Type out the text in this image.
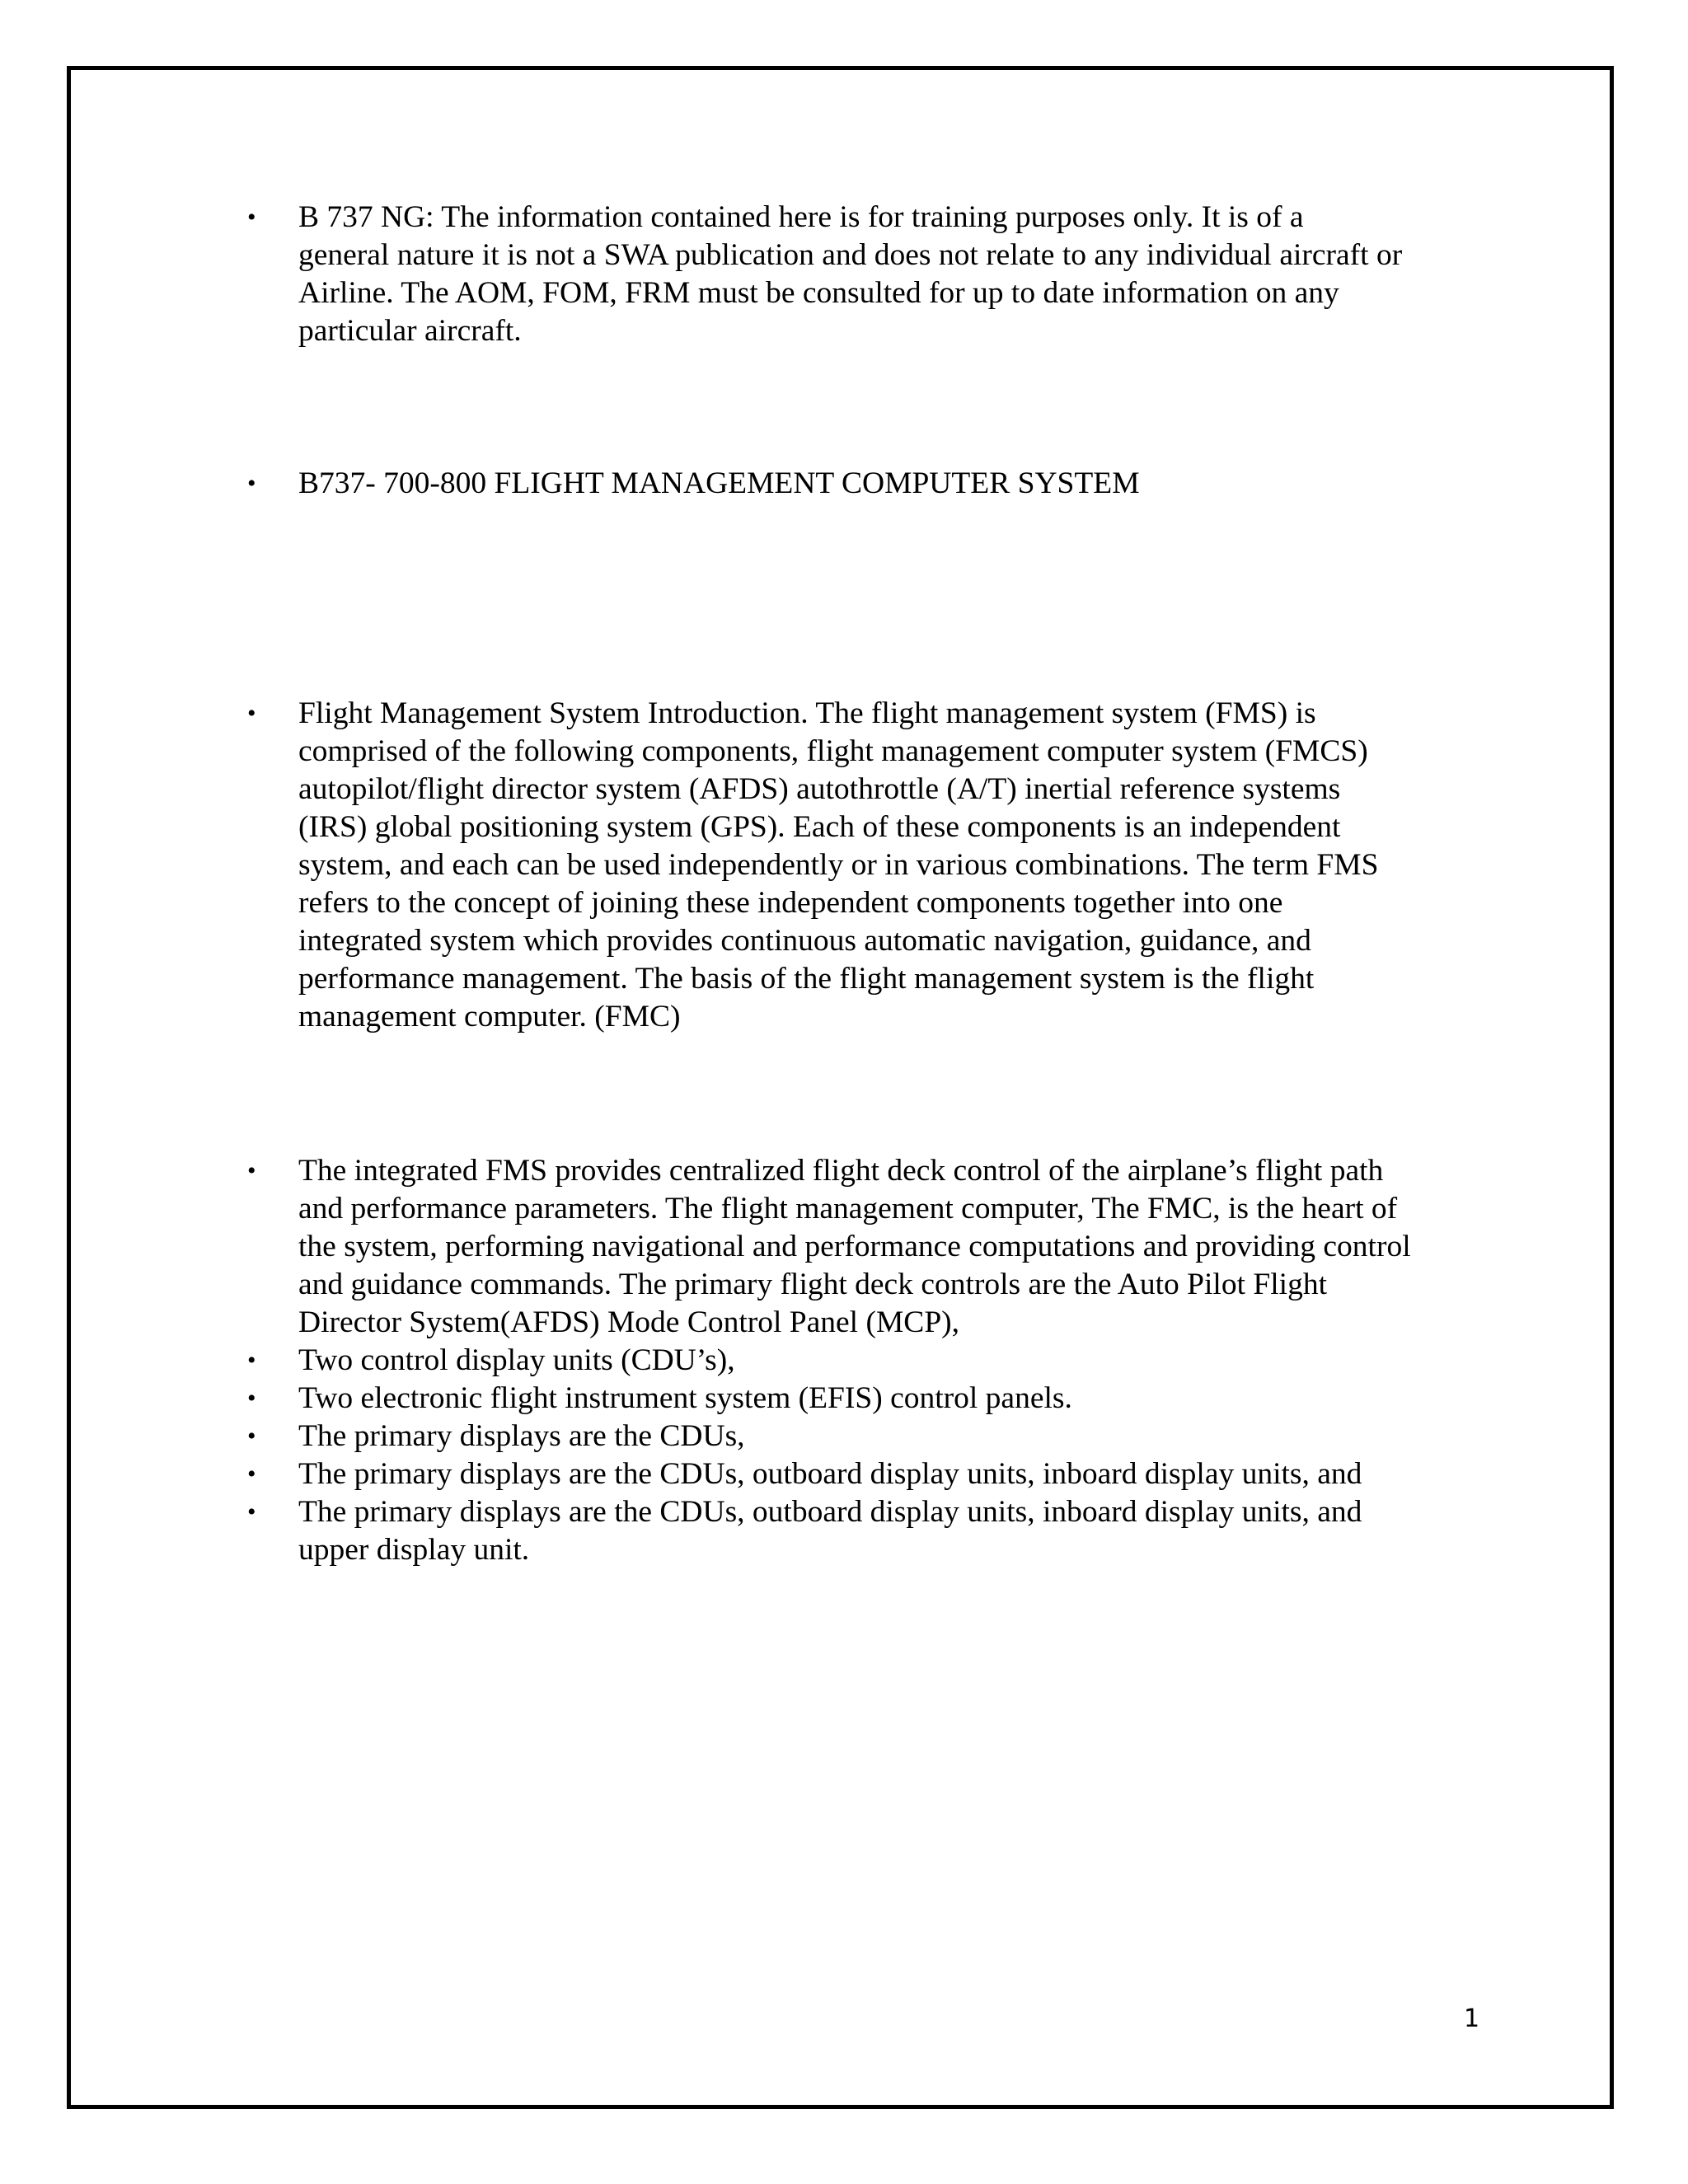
• B 737 NG: The information contained here is for training purposes only. It is of a
general nature it is not a SWA publication and does not relate to any individual aircraft or
Airline. The AOM, FOM, FRM must be consulted for up to date information on any
particular aircraft.
• B737- 700-800 FLIGHT MANAGEMENT COMPUTER SYSTEM
• Flight Management System Introduction. The flight management system (FMS) is
comprised of the following components, flight management computer system (FMCS)
autopilot/flight director system (AFDS) autothrottle (A/T) inertial reference systems
(IRS) global positioning system (GPS). Each of these components is an independent
system, and each can be used independently or in various combinations. The term FMS
refers to the concept of joining these independent components together into one
integrated system which provides continuous automatic navigation, guidance, and
performance management. The basis of the flight management system is the flight
management computer. (FMC)
• The integrated FMS provides centralized flight deck control of the airplane’s flight path
and performance parameters. The flight management computer, The FMC, is the heart of
the system, performing navigational and performance computations and providing control
and guidance commands. The primary flight deck controls are the Auto Pilot Flight
Director System(AFDS) Mode Control Panel (MCP),
• Two control display units (CDU’s),
• Two electronic flight instrument system (EFIS) control panels.
• The primary displays are the CDUs,
• The primary displays are the CDUs, outboard display units, inboard display units, and
• The primary displays are the CDUs, outboard display units, inboard display units, and
upper display unit.
1
